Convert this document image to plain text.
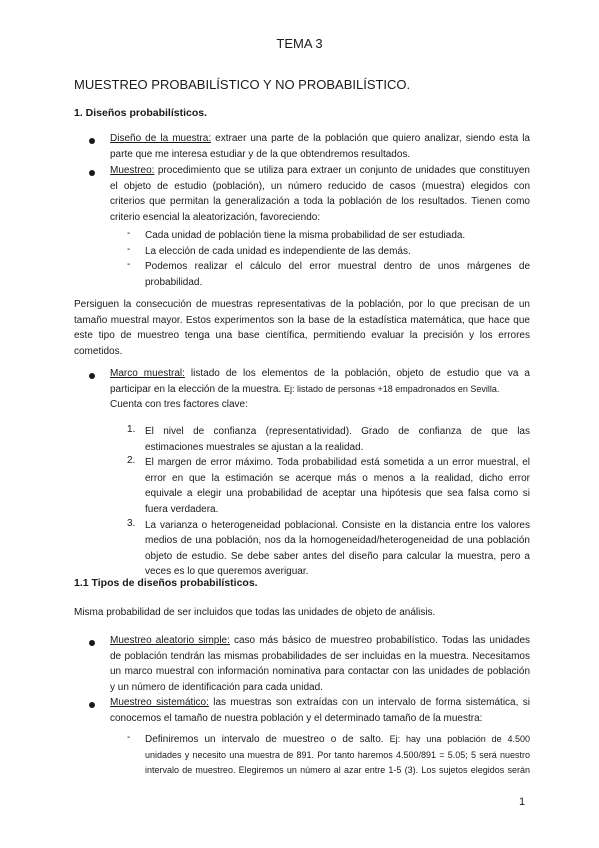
TEMA 3
MUESTREO PROBABILÍSTICO Y NO PROBABILÍSTICO.
1. Diseños probabilísticos.
Diseño de la muestra: extraer una parte de la población que quiero analizar, siendo esta la
parte que me interesa estudiar y de la que obtendremos resultados.
Muestreo: procedimiento que se utiliza para extraer un conjunto de unidades que constituyen
el objeto de estudio (población), un número reducido de casos (muestra) elegidos con
criterios que permitan la generalización a toda la población de los resultados. Tienen como
criterio esencial la aleatorización, favoreciendo:
- Cada unidad de población tiene la misma probabilidad de ser estudiada.
- La elección de cada unidad es independiente de las demás.
- Podemos realizar el cálculo del error muestral dentro de unos márgenes de
probabilidad.
Persiguen la consecución de muestras representativas de la población, por lo que precisan de un
tamaño muestral mayor. Estos experimentos son la base de la estadística matemática, que hace que
este tipo de muestreo tenga una base científica, permitiendo evaluar la precisión y los errores
cometidos.
Marco muestral: listado de los elementos de la población, objeto de estudio que va a
participar en la elección de la muestra. Ej: listado de personas +18 empadronados en Sevilla.
Cuenta con tres factores clave:
1. El nivel de confianza (representatividad). Grado de confianza de que las
estimaciones muestrales se ajustan a la realidad.
2. El margen de error máximo. Toda probabilidad está sometida a un error muestral, el
error en que la estimación se acerque más o menos a la realidad, dicho error
equivale a elegir una probabilidad de aceptar una hipótesis que sea falsa como si
fuera verdadera.
3. La varianza o heterogeneidad poblacional. Consiste en la distancia entre los valores
medios de una población, nos da la homogeneidad/heterogeneidad de una población
objeto de estudio. Se debe saber antes del diseño para calcular la muestra, pero a
veces es lo que queremos averiguar.
1.1 Tipos de diseños probabilísticos.
Misma probabilidad de ser incluidos que todas las unidades de objeto de análisis.
Muestreo aleatorio simple: caso más básico de muestreo probabilístico. Todas las unidades
de población tendrán las mismas probabilidades de ser incluidas en la muestra. Necesitamos
un marco muestral con información nominativa para contactar con las unidades de población
y un número de identificación para cada unidad.
Muestreo sistemático: las muestras son extraídas con un intervalo de forma sistemática, si
conocemos el tamaño de nuestra población y el determinado tamaño de la muestra:
- Definiremos un intervalo de muestreo o de salto. Ej: hay una población de 4.500
unidades y necesito una muestra de 891. Por tanto haremos 4.500/891 = 5.05; 5 será nuestro
intervalo de muestreo. Elegiremos un número al azar entre 1-5 (3). Los sujetos elegidos serán
1
